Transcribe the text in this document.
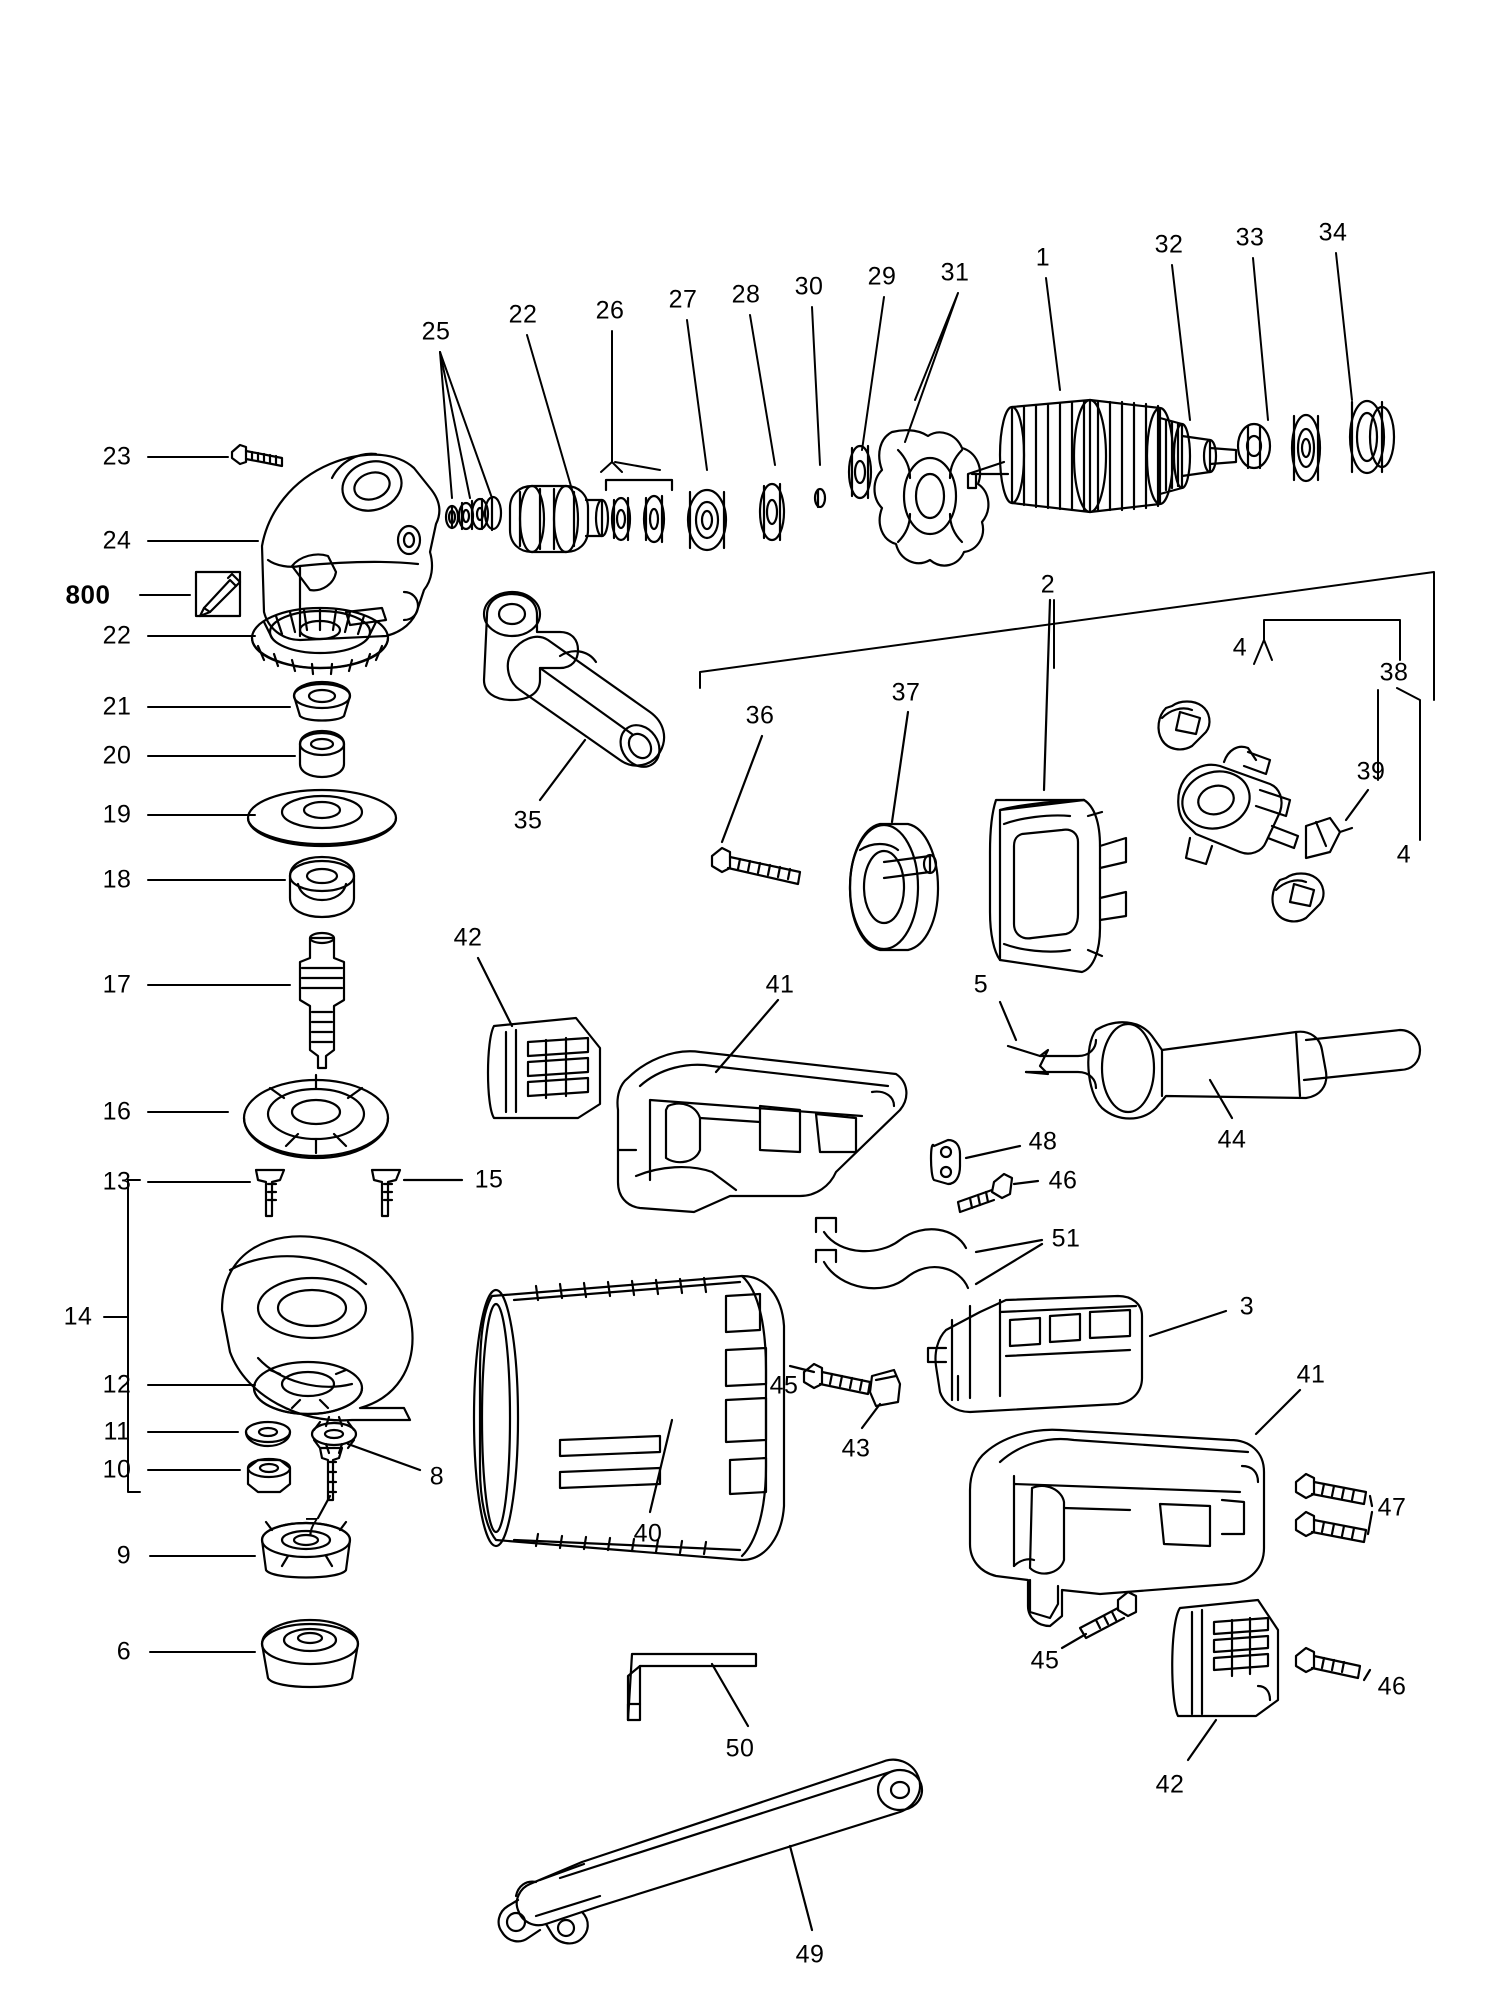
23
24
800
22
21
20
19
18
17
16
13
14
12
11
10
9
6
25
22 26 27 28 30 29 31
1	32 33 34
35
2
4
38
36
37
39
4
42
41	5
44
48
46
15
51
3
45
43
41
8
7	40
47
45
46
50
42
49
